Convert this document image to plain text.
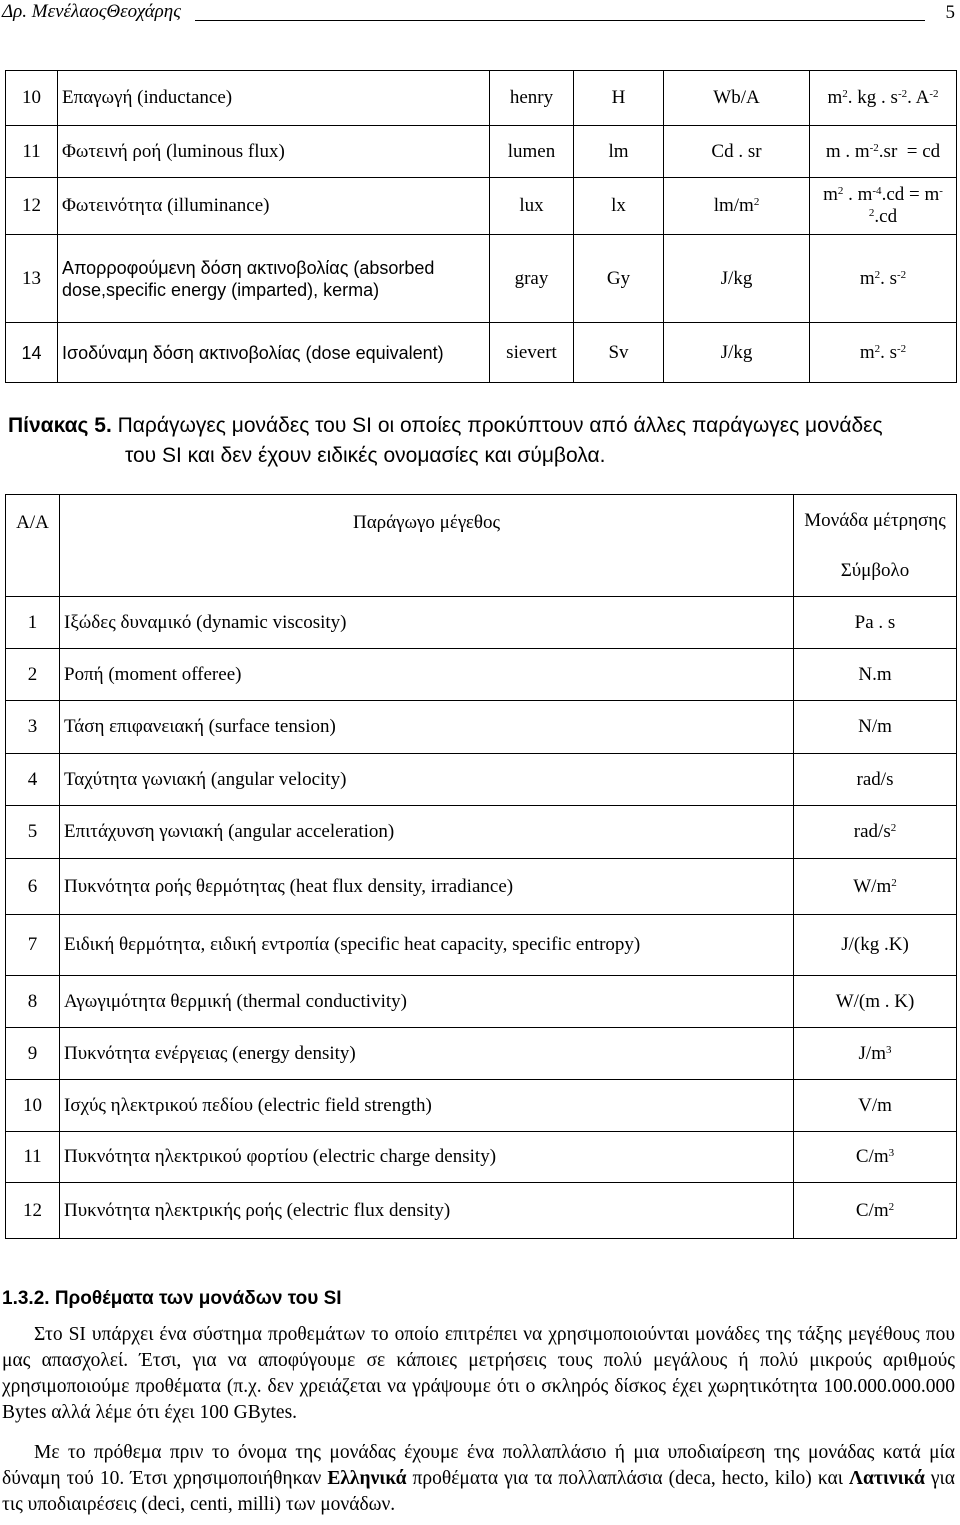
Δρ. ΜενέλαοςΘεοχάρης	5
10	Επαγωγή (inductance)	henry	H	Wb/A	$m^2$. kg . $s^{-2}$. $A^{-2}$
11	Φωτεινή ροή (luminous flux)	lumen	lm	Cd . sr	m . $m^{-2}.sr$  = cd
12	Φωτεινότητα (illuminance)	lux	lx	$lm/m^2$	$m^2$ . $m^{-4}.cd = m^{-2}.cd$
13	Απορροφούμενη δόση ακτινοβολίας (absorbed dose,specific energy (imparted), kerma)	gray	Gy	J/kg	$m^2$. $s^{-2}$
14	Ισοδύναμη δόση ακτινοβολίας (dose equivalent)	sievert	Sv	J/kg	$m^2$. $s^{-2}$
Πίνακας 5. Παράγωγες μονάδες του SI οι οποίες προκύπτουν από άλλες παράγωγες μονάδες
του SI και δεν έχουν ειδικές ονομασίες και σύμβολα.
Α/Α	Παράγωγο μέγεθος	Μονάδα μέτρησης
		Σύμβολο
1	Ιξώδες δυναμικό (dynamic viscosity)	Pa . s
2	Ροπή (moment offeree)	N.m
3	Τάση επιφανειακή (surface tension)	N/m
4	Ταχύτητα γωνιακή (angular velocity)	rad/s
5	Επιτάχυνση γωνιακή (angular acceleration)	rad/$s^2$
6	Πυκνότητα ροής θερμότητας (heat flux density, irradiance)	$W/m^2$
7	Ειδική θερμότητα, ειδική εντροπία (specific heat capacity, specific entropy)	J/(kg .K)
8	Αγωγιμότητα θερμική (thermal conductivity)	W/(m . K)
9	Πυκνότητα ενέργειας (energy density)	$J/m^3$
10	Ισχύς ηλεκτρικού πεδίου (electric field strength)	V/m
11	Πυκνότητα ηλεκτρικού φορτίου (electric charge density)	$C/m^3$
12	Πυκνότητα ηλεκτρικής ροής (electric flux density)	$C/m^2$
1.3.2. Προθέματα των μονάδων του SI

Στο SI υπάρχει ένα σύστημα προθεμάτων το οποίο επιτρέπει να χρησιμοποιούνται μονάδες της τάξης μεγέθους που μας απασχολεί. Έτσι, για να αποφύγουμε σε κάποιες μετρήσεις τους πολύ μεγάλους ή πολύ μικρούς αριθμούς χρησιμοποιούμε προθέματα (π.χ. δεν χρειάζεται να γράψουμε ότι ο σκληρός δίσκος έχει χωρητικότητα 100.000.000.000 Bytes αλλά λέμε ότι έχει 100 GBytes.

Με το πρόθεμα πριν το όνομα της μονάδας έχουμε ένα πολλαπλάσιο ή μια υποδιαίρεση της μονάδας κατά μία δύναμη τού 10. Έτσι χρησιμοποιήθηκαν Ελληνικά προθέματα για τα πολλαπλάσια (deca, hecto, kilo) και Λατινικά για τις υποδιαιρέσεις (deci, centi, milli) των μονάδων.
